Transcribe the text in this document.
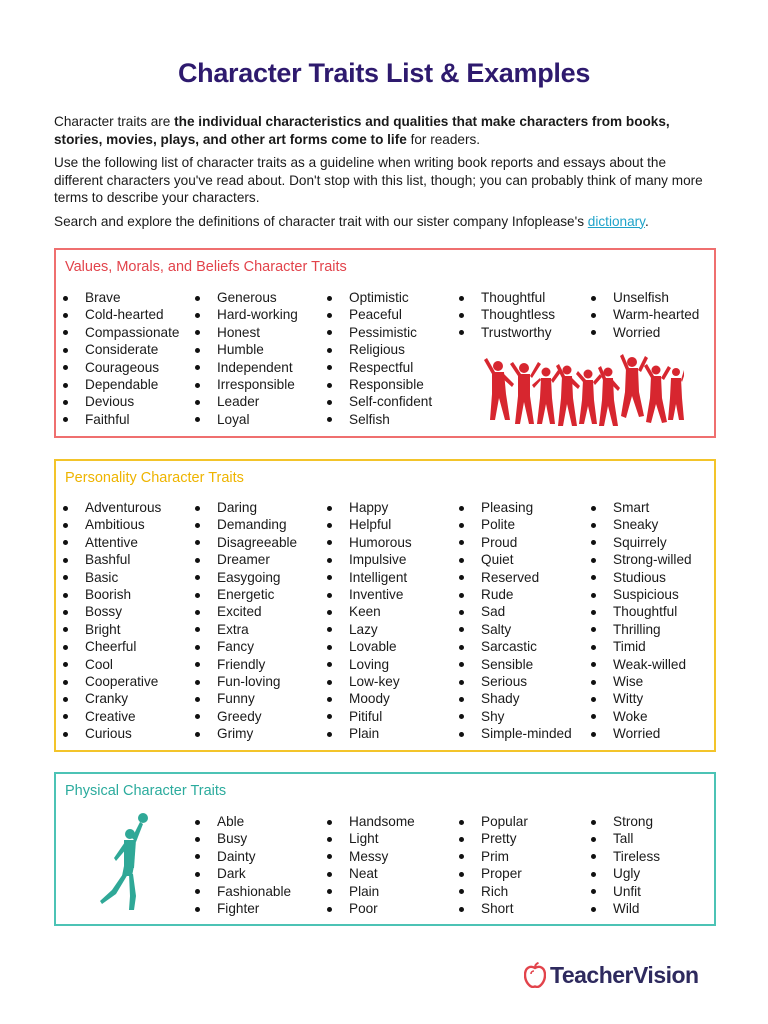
Character Traits List & Examples

Character traits are the individual characteristics and qualities that make characters from books, stories, movies, plays, and other art forms come to life for readers.

Use the following list of character traits as a guideline when writing book reports and essays about the different characters you've read about. Don't stop with this list, though; you can probably think of many more terms to describe your characters.

Search and explore the definitions of character trait with our sister company Infoplease's dictionary.

Values, Morals, and Beliefs Character Traits
Brave
Cold-hearted
Compassionate
Considerate
Courageous
Dependable
Devious
Faithful
Generous
Hard-working
Honest
Humble
Independent
Irresponsible
Leader
Loyal
Optimistic
Peaceful
Pessimistic
Religious
Respectful
Responsible
Self-confident
Selfish
Thoughtful
Thoughtless
Trustworthy
Unselfish
Warm-hearted
Worried
Personality Character Traits
Adventurous
Ambitious
Attentive
Bashful
Basic
Boorish
Bossy
Bright
Cheerful
Cool
Cooperative
Cranky
Creative
Curious
Daring
Demanding
Disagreeable
Dreamer
Easygoing
Energetic
Excited
Extra
Fancy
Friendly
Fun-loving
Funny
Greedy
Grimy
Happy
Helpful
Humorous
Impulsive
Intelligent
Inventive
Keen
Lazy
Lovable
Loving
Low-key
Moody
Pitiful
Plain
Pleasing
Polite
Proud
Quiet
Reserved
Rude
Sad
Salty
Sarcastic
Sensible
Serious
Shady
Shy
Simple-minded
Smart
Sneaky
Squirrely
Strong-willed
Studious
Suspicious
Thoughtful
Thrilling
Timid
Weak-willed
Wise
Witty
Woke
Worried
Physical Character Traits
Able
Busy
Dainty
Dark
Fashionable
Fighter
Handsome
Light
Messy
Neat
Plain
Poor
Popular
Pretty
Prim
Proper
Rich
Short
Strong
Tall
Tireless
Ugly
Unfit
Wild
TeacherVision
